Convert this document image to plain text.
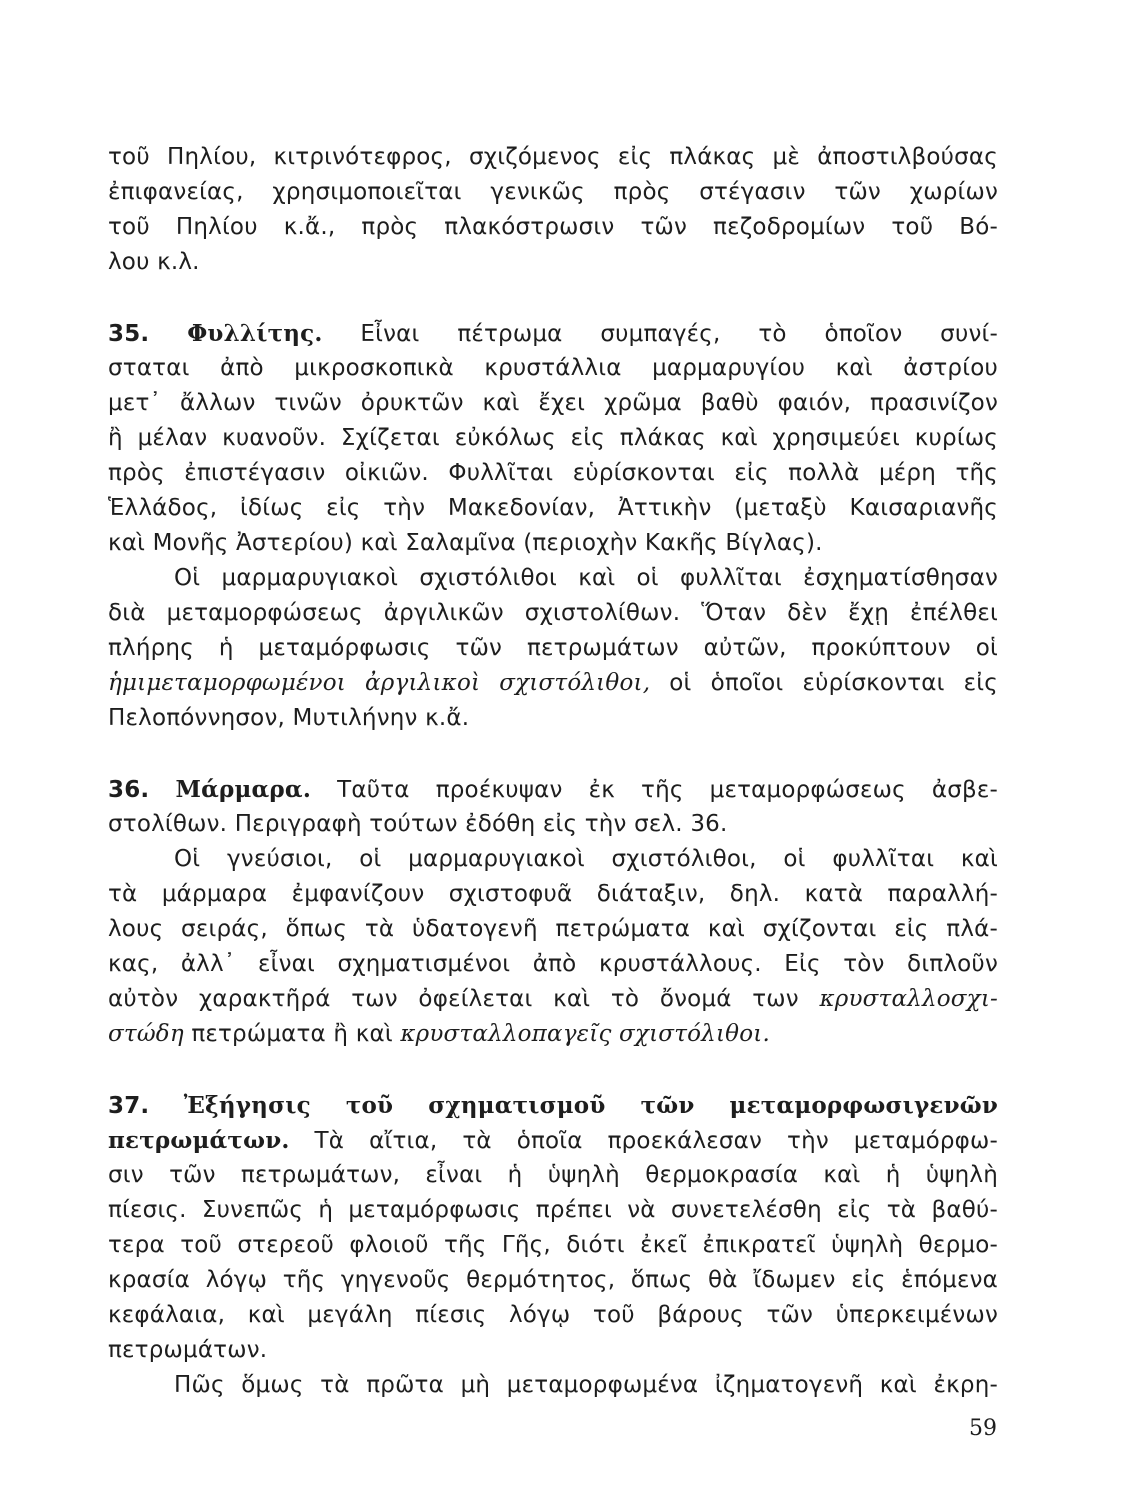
τοῦ Πηλίου, κιτρινότεφρος, σχιζόμενος εἰς πλάκας μὲ ἀποστιλβούσας
ἐπιφανείας, χρησιμοποιεῖται γενικῶς πρὸς στέγασιν τῶν χωρίων
τοῦ Πηλίου κ.ἄ., πρὸς πλακόστρωσιν τῶν πεζοδρομίων τοῦ Βό-
λου κ.λ.
35. Φυλλίτης. Εἶναι πέτρωμα συμπαγές, τὸ ὁποῖον συνί-
σταται ἀπὸ μικροσκοπικὰ κρυστάλλια μαρμαρυγίου καὶ ἀστρίου
μετ᾽ ἄλλων τινῶν ὀρυκτῶν καὶ ἔχει χρῶμα βαθὺ φαιόν, πρασινίζον
ἢ μέλαν κυανοῦν. Σχίζεται εὐκόλως εἰς πλάκας καὶ χρησιμεύει κυρίως
πρὸς ἐπιστέγασιν οἰκιῶν. Φυλλῖται εὑρίσκονται εἰς πολλὰ μέρη τῆς
Ἑλλάδος, ἰδίως εἰς τὴν Μακεδονίαν, Ἀττικὴν (μεταξὺ Καισαριανῆς
καὶ Μονῆς Ἀστερίου) καὶ Σαλαμῖνα (περιοχὴν Κακῆς Βίγλας).
Οἱ μαρμαρυγιακοὶ σχιστόλιθοι καὶ οἱ φυλλῖται ἐσχηματίσθησαν
διὰ μεταμορφώσεως ἀργιλικῶν σχιστολίθων. Ὅταν δὲν ἔχῃ ἐπέλθει
πλήρης ἡ μεταμόρφωσις τῶν πετρωμάτων αὐτῶν, προκύπτουν οἱ
ἡμιμεταμορφωμένοι ἀργιλικοὶ σχιστόλιθοι, οἱ ὁποῖοι εὑρίσκονται εἰς
Πελοπόννησον, Μυτιλήνην κ.ἄ.
36. Μάρμαρα. Ταῦτα προέκυψαν ἐκ τῆς μεταμορφώσεως ἀσβε-
στολίθων. Περιγραφὴ τούτων ἐδόθη εἰς τὴν σελ. 36.
Οἱ γνεύσιοι, οἱ μαρμαρυγιακοὶ σχιστόλιθοι, οἱ φυλλῖται καὶ
τὰ μάρμαρα ἐμφανίζουν σχιστοφυᾶ διάταξιν, δηλ. κατὰ παραλλή-
λους σειράς, ὅπως τὰ ὑδατογενῆ πετρώματα καὶ σχίζονται εἰς πλά-
κας, ἀλλ᾽ εἶναι σχηματισμένοι ἀπὸ κρυστάλλους. Εἰς τὸν διπλοῦν
αὐτὸν χαρακτῆρά των ὀφείλεται καὶ τὸ ὄνομά των κρυσταλλοσχι-
στώδη πετρώματα ἢ καὶ κρυσταλλοπαγεῖς σχιστόλιθοι.
37. Ἐξήγησις τοῦ σχηματισμοῦ τῶν μεταμορφωσιγενῶν
πετρωμάτων. Τὰ αἴτια, τὰ ὁποῖα προεκάλεσαν τὴν μεταμόρφω-
σιν τῶν πετρωμάτων, εἶναι ἡ ὑψηλὴ θερμοκρασία καὶ ἡ ὑψηλὴ
πίεσις. Συνεπῶς ἡ μεταμόρφωσις πρέπει νὰ συνετελέσθη εἰς τὰ βαθύ-
τερα τοῦ στερεοῦ φλοιοῦ τῆς Γῆς, διότι ἐκεῖ ἐπικρατεῖ ὑψηλὴ θερμο-
κρασία λόγῳ τῆς γηγενοῦς θερμότητος, ὅπως θὰ ἴδωμεν εἰς ἑπόμενα
κεφάλαια, καὶ μεγάλη πίεσις λόγῳ τοῦ βάρους τῶν ὑπερκειμένων
πετρωμάτων.
Πῶς ὅμως τὰ πρῶτα μὴ μεταμορφωμένα ἰζηματογενῆ καὶ ἐκρη-
59
